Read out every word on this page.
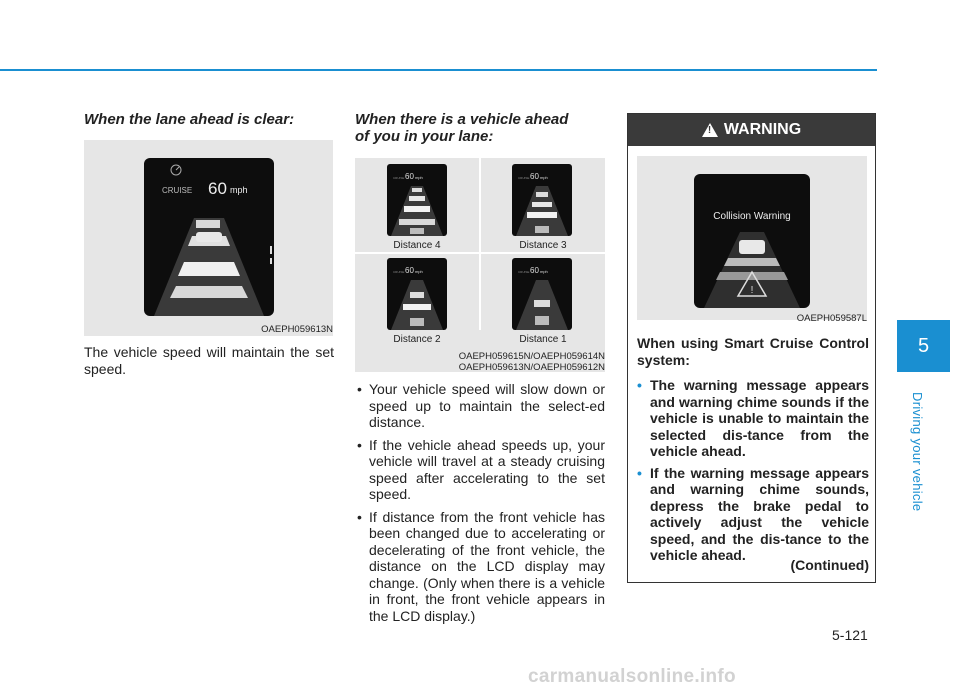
When the lane ahead is clear:
CRUISE 60 mph
OAEPH059613N
The vehicle speed will maintain the set speed.
When there is a vehicle ahead
of you in your lane:
60 mph
CRUISE	60 mph
CRUISE
60 mph
CRUISE	60 mph
CRUISE
Distance 4	Distance 3
Distance 2	Distance 1
OAEPH059615N/OAEPH059614N
OAEPH059613N/OAEPH059612N
• Your vehicle speed will slow down or speed up to maintain the select-ed distance.
• If the vehicle ahead speeds up, your vehicle will travel at a steady cruising speed after accelerating to the set speed.
• If distance from the front vehicle has been changed due to accelerating or decelerating of the front vehicle, the distance on the LCD display may change. (Only when there is a vehicle in front, the front vehicle appears in the LCD display.)
! WARNING
Collision Warning
!
OAEPH059587L
When using Smart Cruise Control system:
• The warning message appears and warning chime sounds if the vehicle is unable to maintain the selected dis-tance from the vehicle ahead.
• If the warning message appears and warning chime sounds, depress the brake pedal to actively adjust the vehicle speed, and the dis-tance to the vehicle ahead.
(Continued)
5
Driving your vehicle
5-121
carmanualsonline.info
